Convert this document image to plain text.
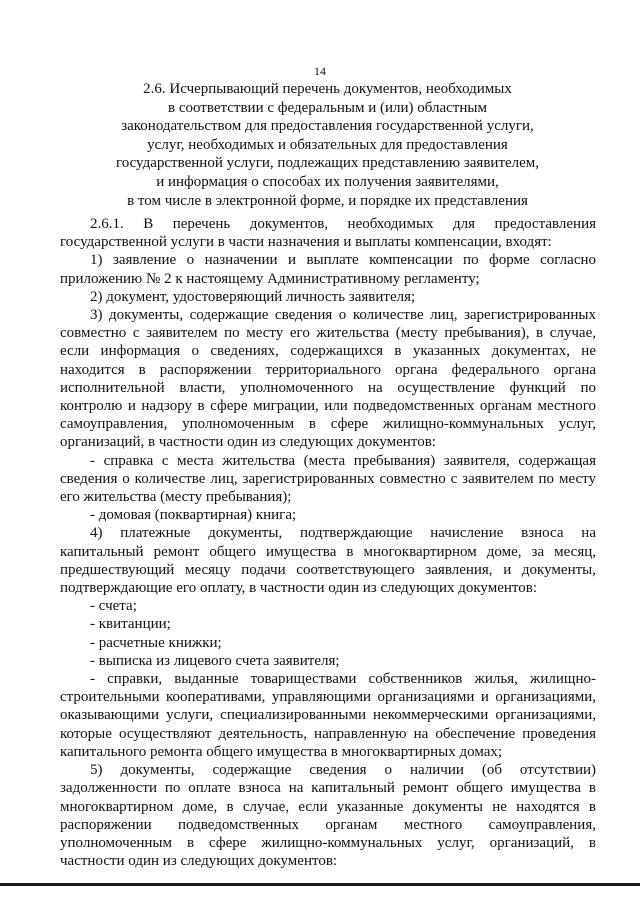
14
2.6. Исчерпывающий перечень документов, необходимых
в соответствии с федеральным и (или) областным
законодательством для предоставления государственной услуги,
услуг, необходимых и обязательных для предоставления
государственной услуги, подлежащих представлению заявителем,
и информация о способах их получения заявителями,
в том числе в электронной форме, и порядке их представления

2.6.1. В перечень документов, необходимых для предоставления государственной услуги в части назначения и выплаты компенсации, входят:

1) заявление о назначении и выплате компенсации по форме согласно приложению № 2 к настоящему Административному регламенту;

2) документ, удостоверяющий личность заявителя;

3) документы, содержащие сведения о количестве лиц, зарегистрированных совместно с заявителем по месту его жительства (месту пребывания), в случае, если информация о сведениях, содержащихся в указанных документах, не находится в распоряжении территориального органа федерального органа исполнительной власти, уполномоченного на осуществление функций по контролю и надзору в сфере миграции, или подведомственных органам местного самоуправления, уполномоченным в сфере жилищно-коммунальных услуг, организаций, в частности один из следующих документов:

- справка с места жительства (места пребывания) заявителя, содержащая сведения о количестве лиц, зарегистрированных совместно с заявителем по месту его жительства (месту пребывания);

- домовая (поквартирная) книга;

4) платежные документы, подтверждающие начисление взноса на капитальный ремонт общего имущества в многоквартирном доме, за месяц, предшествующий месяцу подачи соответствующего заявления, и документы, подтверждающие его оплату, в частности один из следующих документов:

- счета;

- квитанции;

- расчетные книжки;

- выписка из лицевого счета заявителя;

- справки, выданные товариществами собственников жилья, жилищно-строительными кооперативами, управляющими организациями и организациями, оказывающими услуги, специализированными некоммерческими организациями, которые осуществляют деятельность, направленную на обеспечение проведения капитального ремонта общего имущества в многоквартирных домах;

5) документы, содержащие сведения о наличии (об отсутствии) задолженности по оплате взноса на капитальный ремонт общего имущества в многоквартирном доме, в случае, если указанные документы не находятся в распоряжении подведомственных органам местного самоуправления, уполномоченным в сфере жилищно-коммунальных услуг, организаций, в частности один из следующих документов:
